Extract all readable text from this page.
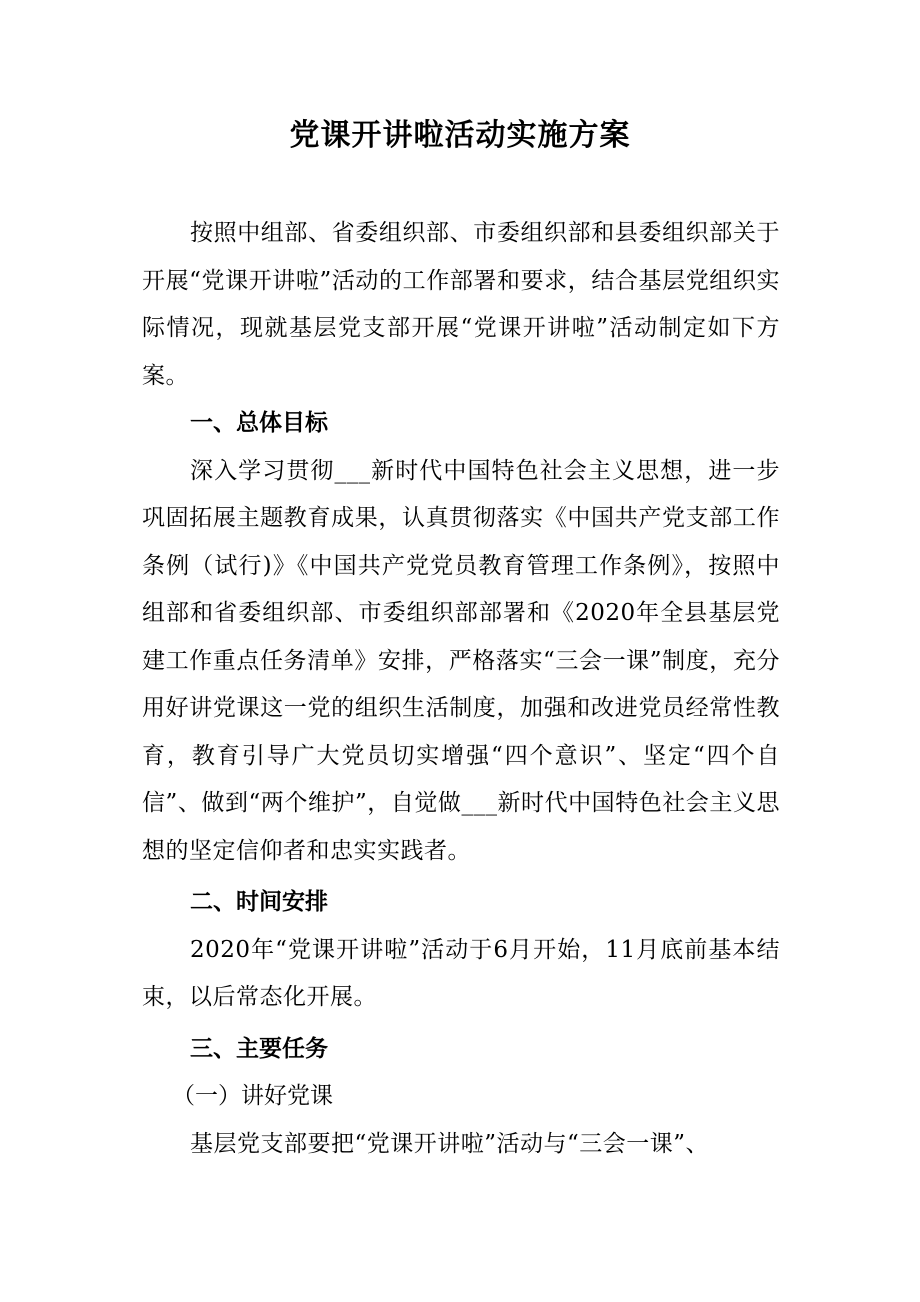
党课开讲啦活动实施方案

按照中组部、省委组织部、市委组织部和县委组织部关于开展“党课开讲啦”活动的工作部署和要求，结合基层党组织实际情况，现就基层党支部开展“党课开讲啦”活动制定如下方案。

一、总体目标

深入学习贯彻___新时代中国特色社会主义思想，进一步巩固拓展主题教育成果，认真贯彻落实《中国共产党支部工作条例（试行)》《中国共产党党员教育管理工作条例》，按照中组部和省委组织部、市委组织部部署和《2020年全县基层党建工作重点任务清单》安排，严格落实“三会一课”制度，充分用好讲党课这一党的组织生活制度，加强和改进党员经常性教育，教育引导广大党员切实增强“四个意识”、坚定“四个自信”、做到“两个维护”，自觉做___新时代中国特色社会主义思想的坚定信仰者和忠实实践者。

二、时间安排

2020年“党课开讲啦”活动于6月开始，11月底前基本结束，以后常态化开展。

三、主要任务

（一）讲好党课

基层党支部要把“党课开讲啦”活动与“三会一课”、
